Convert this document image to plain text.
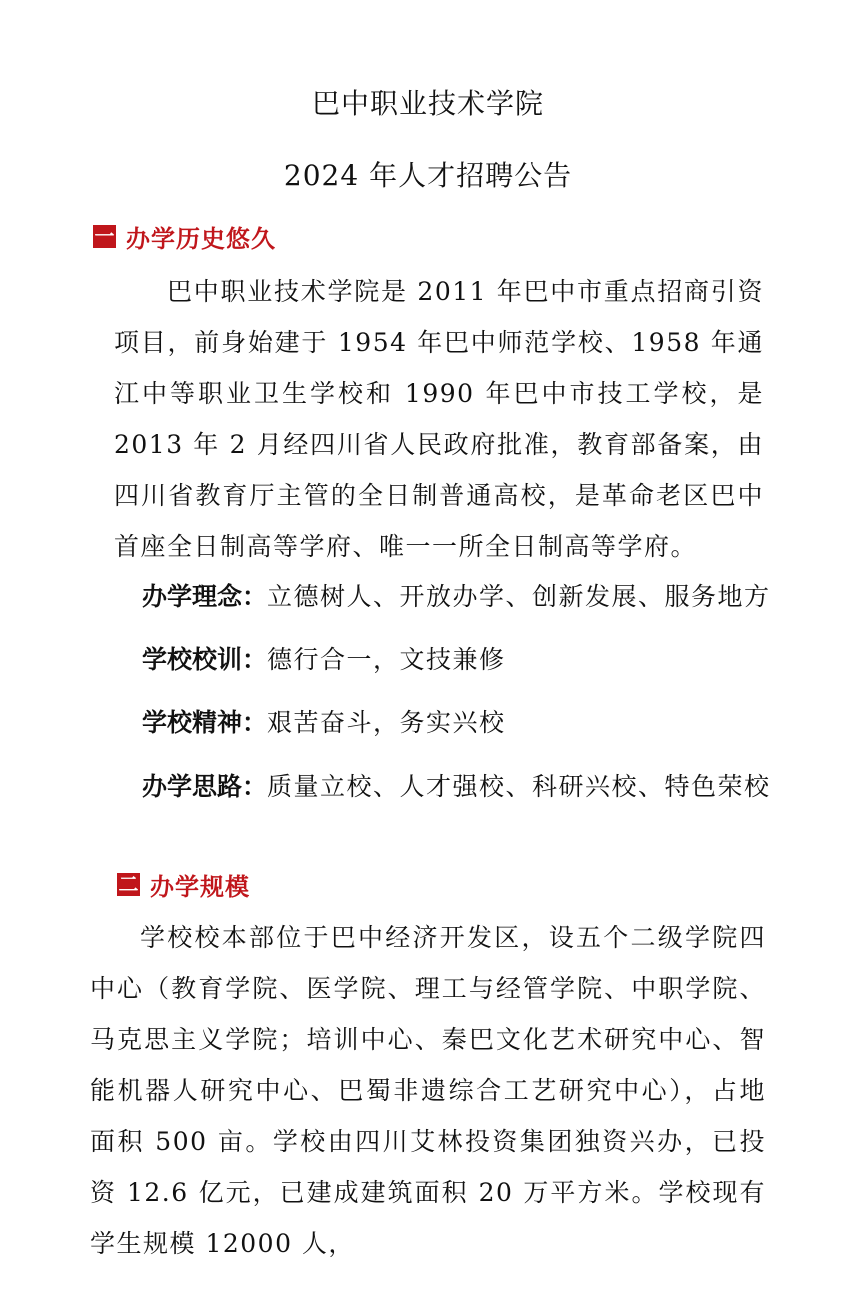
巴中职业技术学院
2024 年人才招聘公告
一 办学历史悠久

巴中职业技术学院是 2011 年巴中市重点招商引资项目，前身始建于 1954 年巴中师范学校、1958 年通江中等职业卫生学校和 1990 年巴中市技工学校，是 2013 年 2 月经四川省人民政府批准，教育部备案，由四川省教育厅主管的全日制普通高校，是革命老区巴中首座全日制高等学府、唯一一所全日制高等学府。

办学理念：立德树人、开放办学、创新发展、服务地方
学校校训：德行合一，文技兼修
学校精神：艰苦奋斗，务实兴校
办学思路：质量立校、人才强校、科研兴校、特色荣校
二 办学规模

学校校本部位于巴中经济开发区，设五个二级学院四中心（教育学院、医学院、理工与经管学院、中职学院、马克思主义学院；培训中心、秦巴文化艺术研究中心、智能机器人研究中心、巴蜀非遗综合工艺研究中心），占地面积 500 亩。学校由四川艾林投资集团独资兴办，已投资 12.6 亿元，已建成建筑面积 20 万平方米。学校现有学生规模 12000 人，
